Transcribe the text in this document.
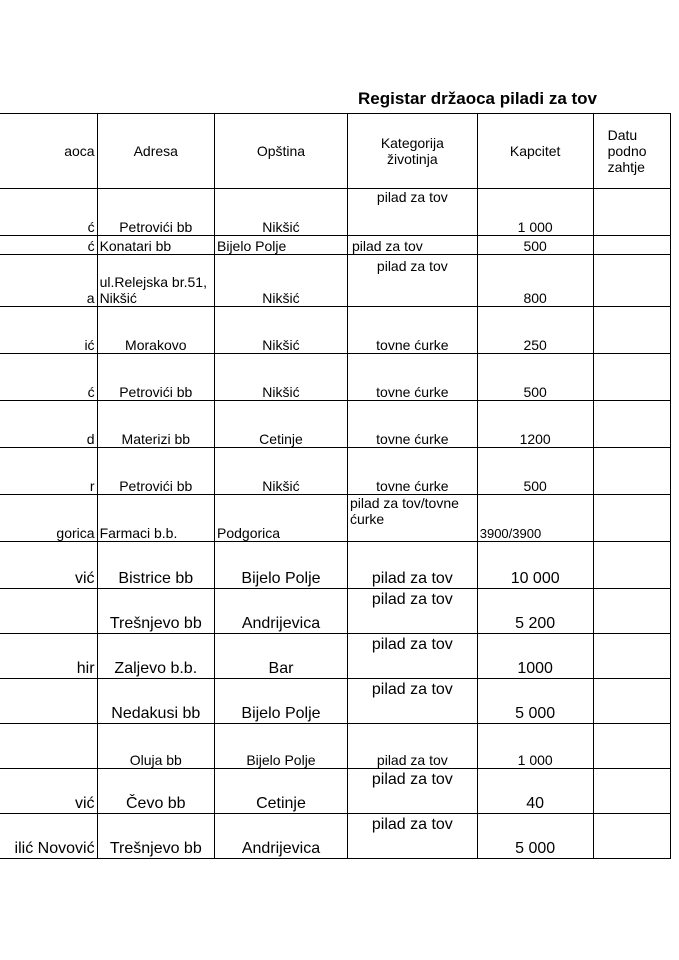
Registar držaoca piladi za tov
aoca	Adresa	Opština	Kategorija životinja	Kapcitet	Datu podno zahtje
ć	Petrovići bb	Nikšić	pilad za tov	1 000	
ć	Konatari bb	Bijelo Polje	pilad za tov	500	
a	ul.Relejska br.51, Nikšić	Nikšić	pilad za tov	800	
ić	Morakovo	Nikšić	tovne ćurke	250	
ć	Petrovići bb	Nikšić	tovne ćurke	500	
d	Materizi bb	Cetinje	tovne ćurke	1200	
r	Petrovići bb	Nikšić	tovne ćurke	500	
gorica	Farmaci b.b.	Podgorica	pilad za tov/tovne ćurke	3900/3900	
vić	Bistrice bb	Bijelo Polje	pilad za tov	10 000	
	Trešnjevo bb	Andrijevica	pilad za tov	5 200	
hir	Zaljevo b.b.	Bar	pilad za tov	1000	
	Nedakusi bb	Bijelo Polje	pilad za tov	5 000	
	Oluja bb	Bijelo Polje	pilad za tov	1 000	
vić	Čevo bb	Cetinje	pilad za tov	40	
ilić Novović	Trešnjevo bb	Andrijevica	pilad za tov	5 000	
